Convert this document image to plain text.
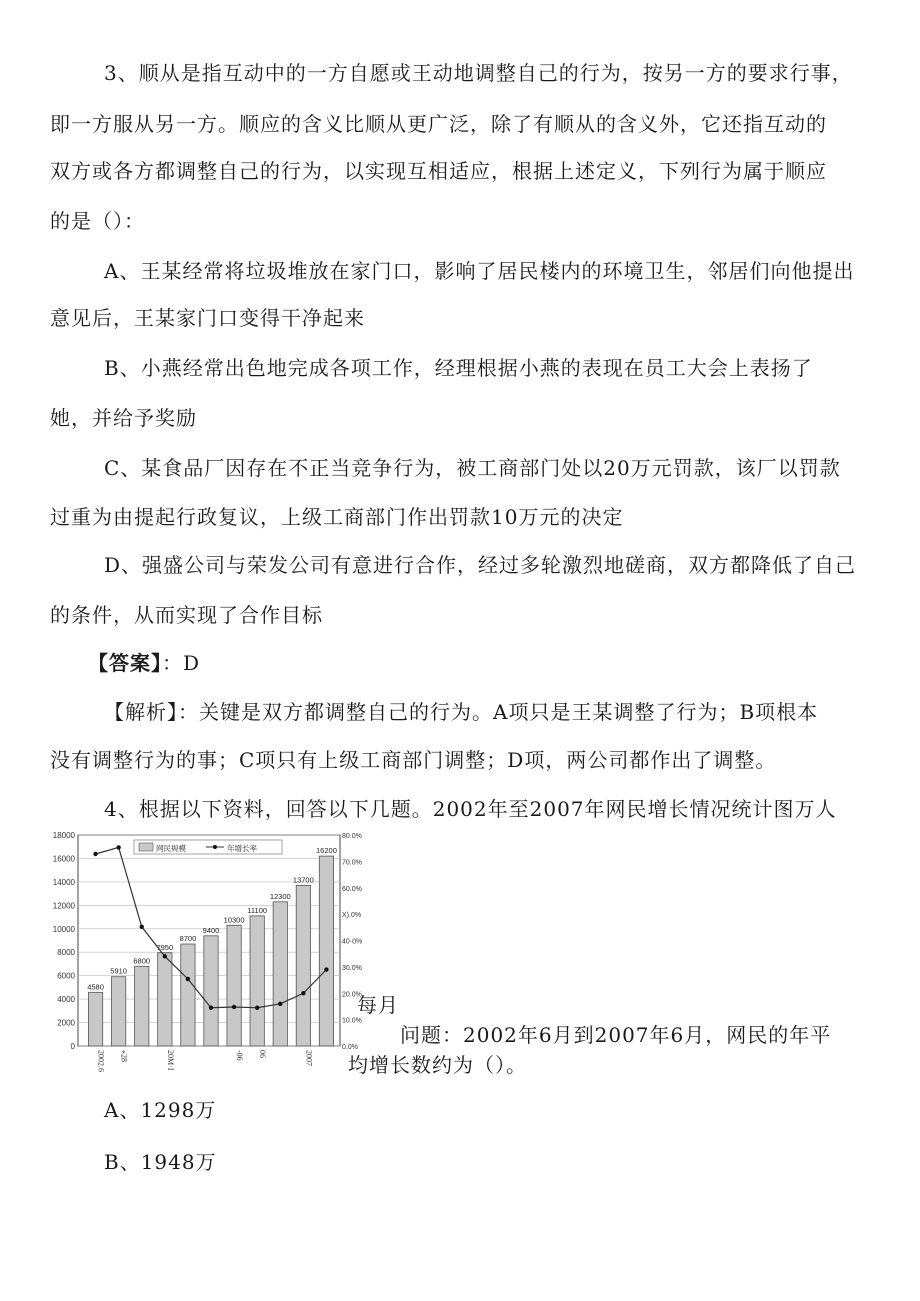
3、顺从是指互动中的一方自愿或王动地调整自己的行为，按另一方的要求行事，
即一方服从另一方。顺应的含义比顺从更广泛，除了有顺从的含义外，它还指互动的
双方或各方都调整自己的行为，以实现互相适应，根据上述定义，下列行为属于顺应
的是（）：
A、王某经常将垃圾堆放在家门口，影响了居民楼内的环境卫生，邻居们向他提出
意见后，王某家门口变得干净起来
B、小燕经常出色地完成各项工作，经理根据小燕的表现在员工大会上表扬了
她，并给予奖励
C、某食品厂因存在不正当竞争行为，被工商部门处以20万元罚款，该厂以罚款
过重为由提起行政复议，上级工商部门作出罚款10万元的决定
D、强盛公司与荣发公司有意进行合作，经过多轮激烈地磋商，双方都降低了自己
的条件，从而实现了合作目标
【答案】：D
【解析】：关键是双方都调整自己的行为。A项只是王某调整了行为；B项根本
没有调整行为的事；C项只有上级工商部门调整；D项，两公司都作出了调整。
4、根据以下资料，回答以下几题。2002年至2007年网民增长情况统计图万人
4580
5910
6800
7950
8700
9400
10300
11100
12300
13700
16200
18000
16000
14000
12000
10000
8000
6000
4000
2000
0
80.0%
70.0%
60.0%
X).0%
40·0%
30.0%
20.0%
10.0%
0.0%
2002.6 «28	20M·I	-06 06	2007
网民规模	年增长率
每月
问题：2002年6月到2007年6月，网民的年平
均增长数约为（）。
A、1298万
B、1948万
